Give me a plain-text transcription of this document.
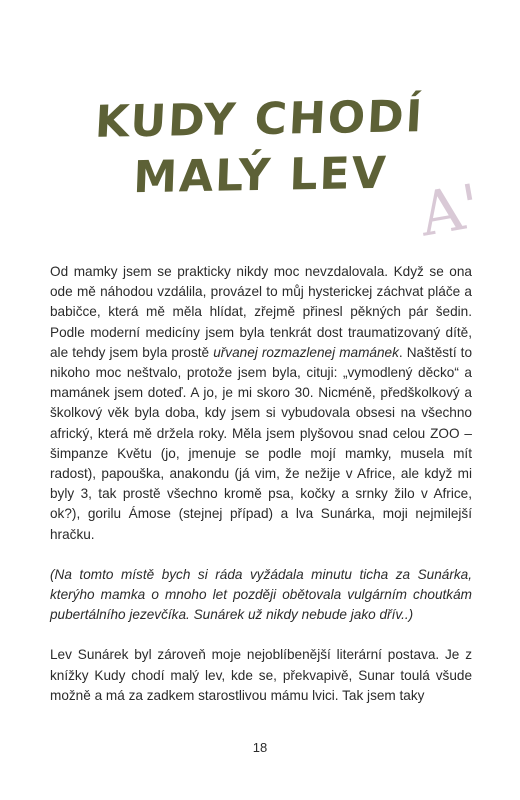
KUDY CHODÍ
MALÝ LEV A'

Od mamky jsem se prakticky nikdy moc nevzdalovala. Když se ona ode mě náhodou vzdálila, provázel to můj hysterickej záchvat pláče a babičce, která mě měla hlídat, zřejmě přinesl pěkných pár šedin. Podle moderní medicíny jsem byla tenkrát dost traumatizovaný dítě, ale tehdy jsem byla prostě uřvanej rozmazlenej mamánek. Naštěstí to nikoho moc neštvalo, protože jsem byla, cituji: „vymodlený děcko“ a mamánek jsem doteď. A jo, je mi skoro 30. Nicméně, předškolkový a školkový věk byla doba, kdy jsem si vybudovala obsesi na všechno africký, která mě držela roky. Měla jsem plyšovou snad celou ZOO – šimpanze Květu (jo, jmenuje se podle mojí mamky, musela mít radost), papouška, anakondu (já vim, že nežije v Africe, ale když mi byly 3, tak prostě všechno kromě psa, kočky a srnky žilo v Africe, ok?), gorilu Ámose (stejnej případ) a lva Sunárka, moji nejmilejší hračku.

(Na tomto místě bych si ráda vyžádala minutu ticha za Sunárka, kterýho mamka o mnoho let později obětovala vulgárním choutkám pubertálního jezevčíka. Sunárek už nikdy nebude jako dřív..)

Lev Sunárek byl zároveň moje nejoblíbenější literární postava. Je z knížky Kudy chodí malý lev, kde se, překvapivě, Sunar toulá všude možně a má za zadkem starostlivou mámu lvici. Tak jsem taky

18
